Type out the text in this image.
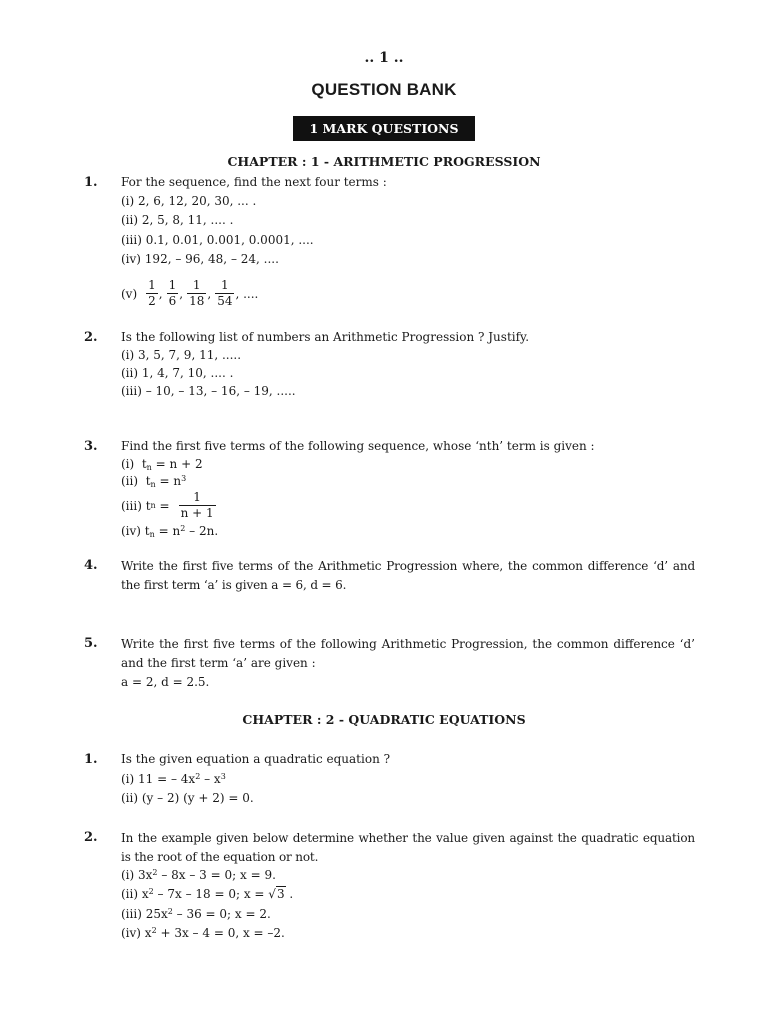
.. 1 ..
QUESTION BANK
1 MARK QUESTIONS
CHAPTER : 1 - ARITHMETIC PROGRESSION
1. For the sequence, find the next four terms :
(i) 2, 6, 12, 20, 30, ... .
(ii) 2, 5, 8, 11, .... .
(iii) 0.1, 0.01, 0.001, 0.0001, ....
(iv) 192, – 96, 48, – 24, ....
$(v) \frac{1}{2}$ , $\frac{1}{6}$ , $\frac{1}{18}$ , $\frac{1}{54}$ , ....
2. Is the following list of numbers an Arithmetic Progression ? Justify.
(i) 3, 5, 7, 9, 11, .....
(ii) 1, 4, 7, 10, .... .
(iii) – 10, – 13, – 16, – 19, .....
3. Find the first five terms of the following sequence, whose ‘nth’ term is given :
(i) $t_n = n + 2$
(ii) $t_n = n^3$
(iii) t n
= $\frac{1}{n + 1}$
(iv) $t_n = n^2 - 2n$.
4. Write the first five terms of the Arithmetic Progression where, the common difference ‘d’ and the first term ‘a’ is given a = 6, d = 6.
5. Write the first five terms of the following Arithmetic Progression, the common difference ‘d’ and the first term ‘a’ are given :
a = 2, d = 2.5.
CHAPTER : 2 - QUADRATIC EQUATIONS
1. Is the given equation a quadratic equation ?
(i) 11 = – $4x^2 - x^3$
(ii) (y – 2) (y + 2) = 0.
2. In the example given below determine whether the value given against the quadratic equation is the root of the equation or not.
(i) $3x^2 - 8x - 3 = 0$; x = 9.
(ii) $x^2 - 7x - 18 = 0$; x = √3 .
(iii) $25x^2 - 36 = 0$; x = 2.
(iv) $x^2 + 3x - 4 = 0$, x = –2.
